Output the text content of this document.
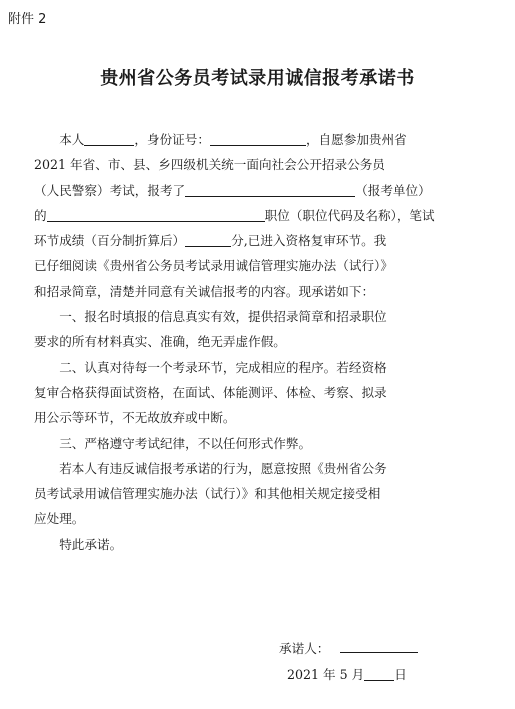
附件 2
贵州省公务员考试录用诚信报考承诺书

本人	，身份证号：	，自愿参加贵州省

2021 年省、市、县、乡四级机关统一面向社会公开招录公务员
（人民警察）考试，报考了	（报考单位）
的	职位（职位代码及名称），笔试
环节成绩（百分制折算后）	分,已进入资格复审环节。我
已仔细阅读《贵州省公务员考试录用诚信管理实施办法（试行）》
和招录简章，清楚并同意有关诚信报考的内容。现承诺如下：

一、报名时填报的信息真实有效，提供招录简章和招录职位

要求的所有材料真实、准确，绝无弄虚作假。

二、认真对待每一个考录环节，完成相应的程序。若经资格

复审合格获得面试资格，在面试、体能测评、体检、考察、拟录
用公示等环节，不无故放弃或中断。

三、严格遵守考试纪律，不以任何形式作弊。

若本人有违反诚信报考承诺的行为，愿意按照《贵州省公务

员考试录用诚信管理实施办法（试行）》和其他相关规定接受相
应处理。

特此承诺。

承诺人：
2021 年 5 月 日
